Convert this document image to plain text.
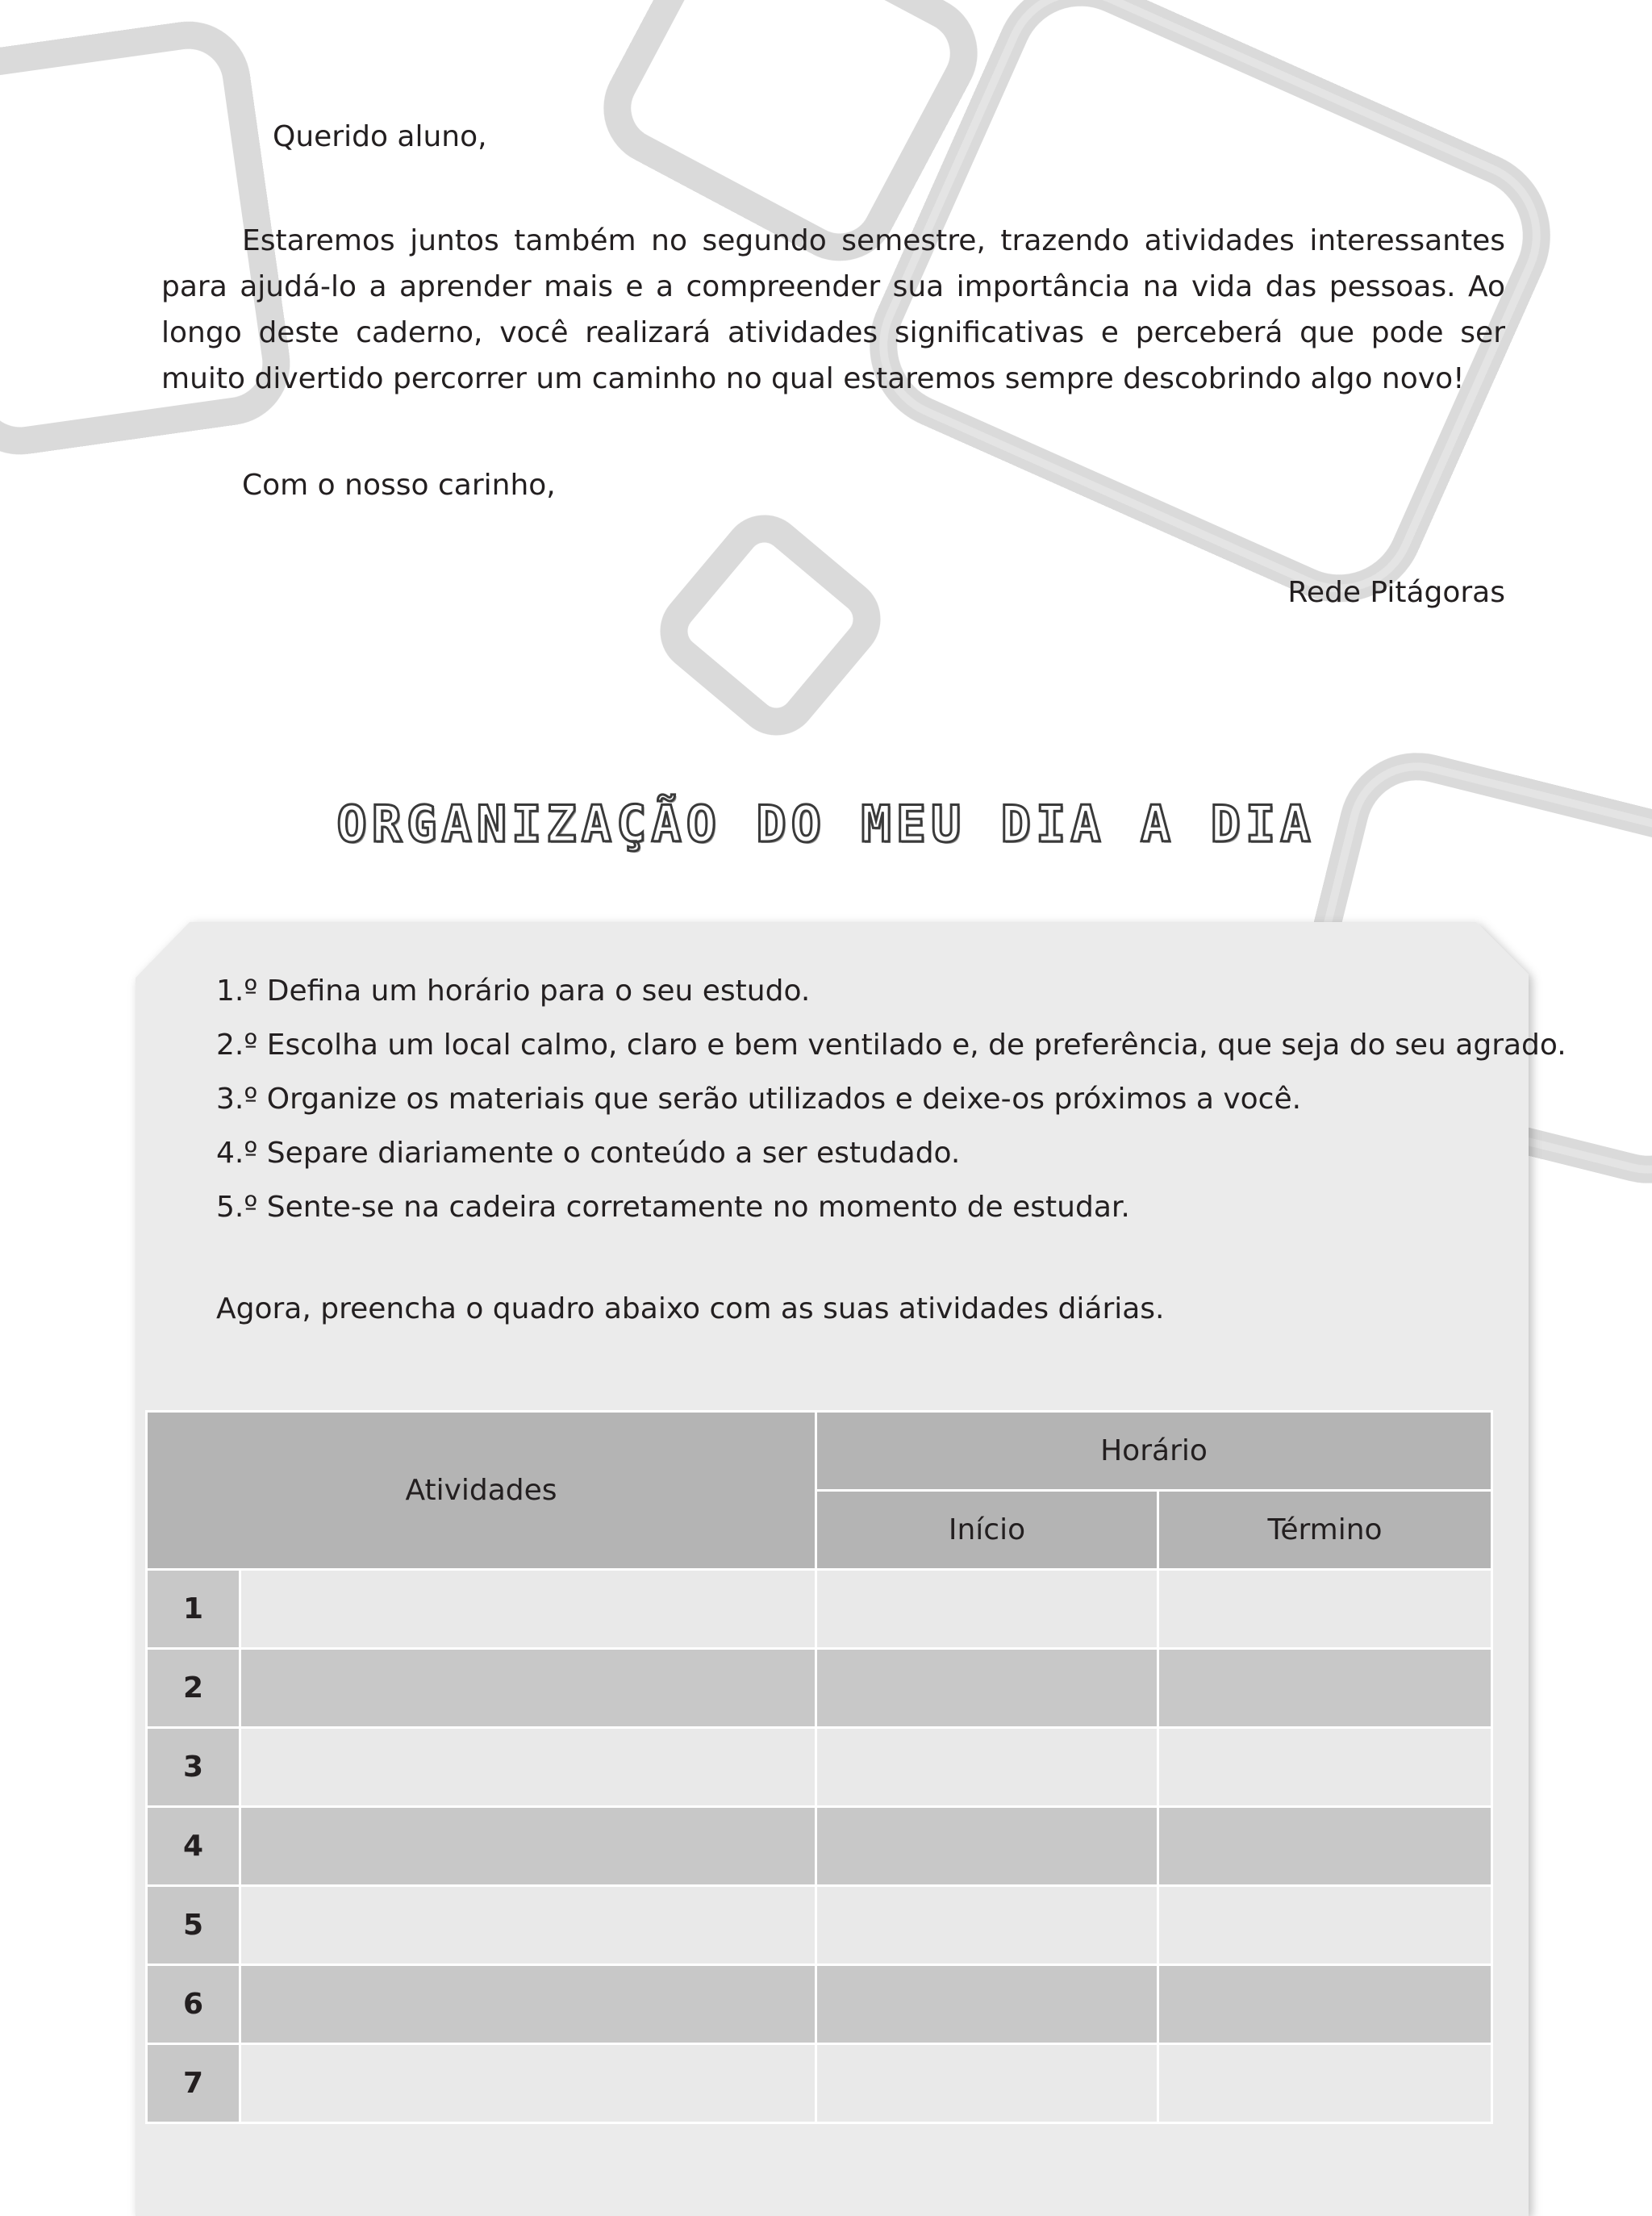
Querido aluno,

Estaremos juntos também no segundo semestre, trazendo atividades interessantes para ajudá-lo a aprender mais e a compreender sua importância na vida das pessoas. Ao longo deste caderno, você realizará atividades significativas e perceberá que pode ser muito divertido percorrer um caminho no qual estaremos sempre descobrindo algo novo!

Com o nosso carinho,
Rede Pitágoras
ORGANIZAÇÃO DO MEU DIA A DIA
1.º Defina um horário para o seu estudo.
2.º Escolha um local calmo, claro e bem ventilado e, de preferência, que seja do seu agrado.
3.º Organize os materiais que serão utilizados e deixe-os próximos a você.
4.º Separe diariamente o conteúdo a ser estudado.
5.º Sente-se na cadeira corretamente no momento de estudar.
Agora, preencha o quadro abaixo com as suas atividades diárias.
Atividades		Horário	
		Início	Término
1			
2			
3			
4			
5			
6			
7			
